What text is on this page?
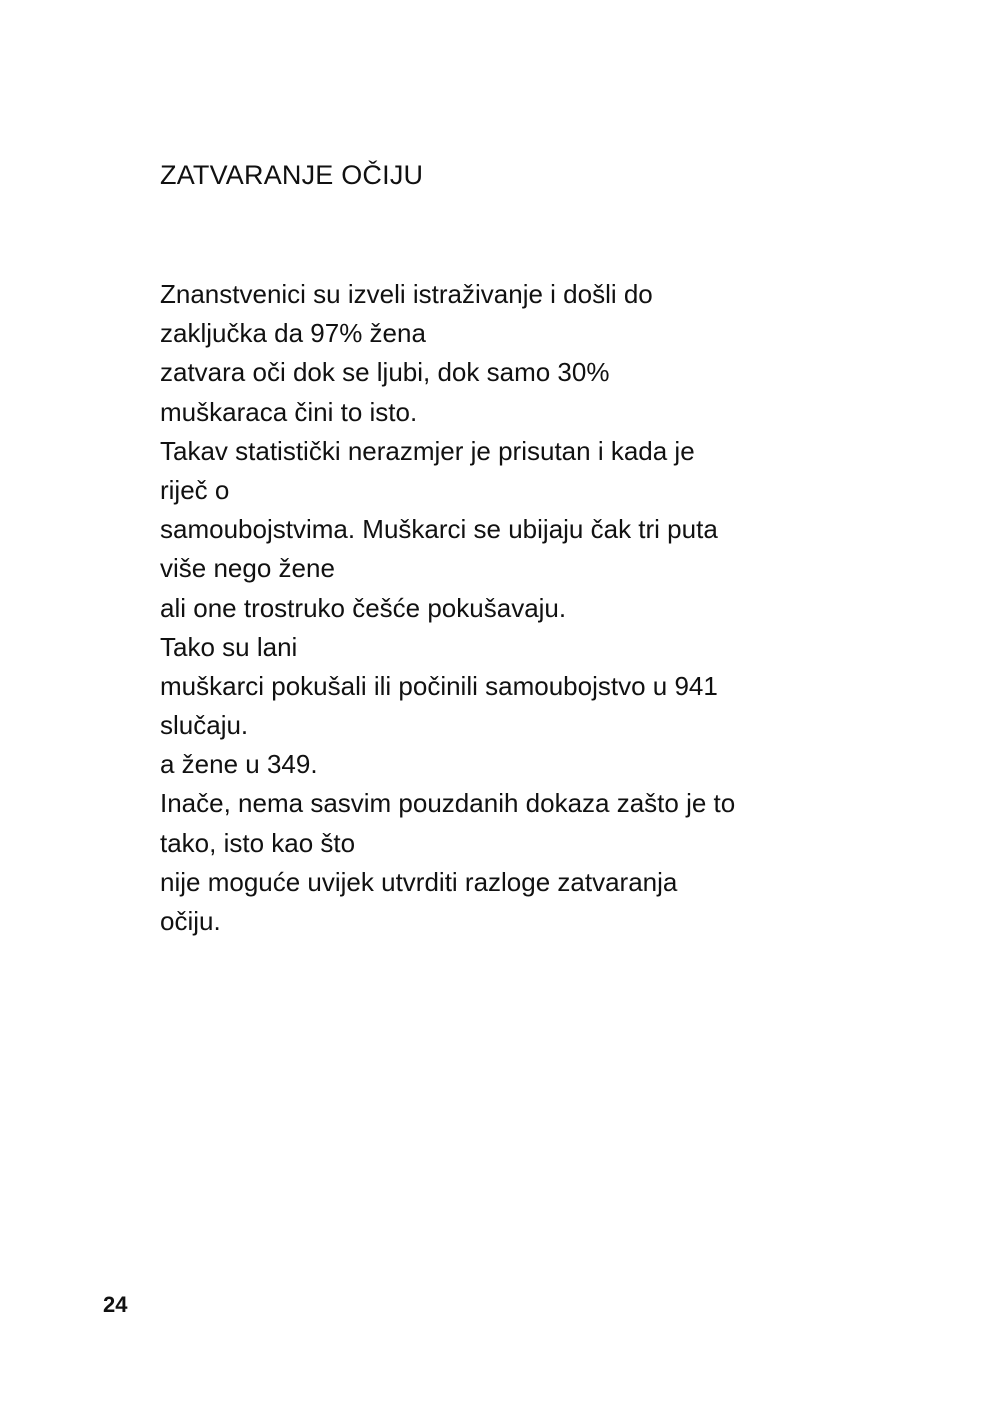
ZATVARANJE OČIJU
Znanstvenici su izveli istraživanje i došli do
zaključka da 97% žena
zatvara oči dok se ljubi, dok samo 30%
muškaraca čini to isto.
Takav statistički nerazmjer je prisutan i kada je
riječ o
samoubojstvima. Muškarci se ubijaju čak tri puta
više nego žene
ali one trostruko češće pokušavaju.
Tako su lani
muškarci pokušali ili počinili samoubojstvo u 941
slučaju.
a žene u 349.
Inače, nema sasvim pouzdanih dokaza zašto je to
tako, isto kao što
nije moguće uvijek utvrditi razloge zatvaranja
očiju.

24
